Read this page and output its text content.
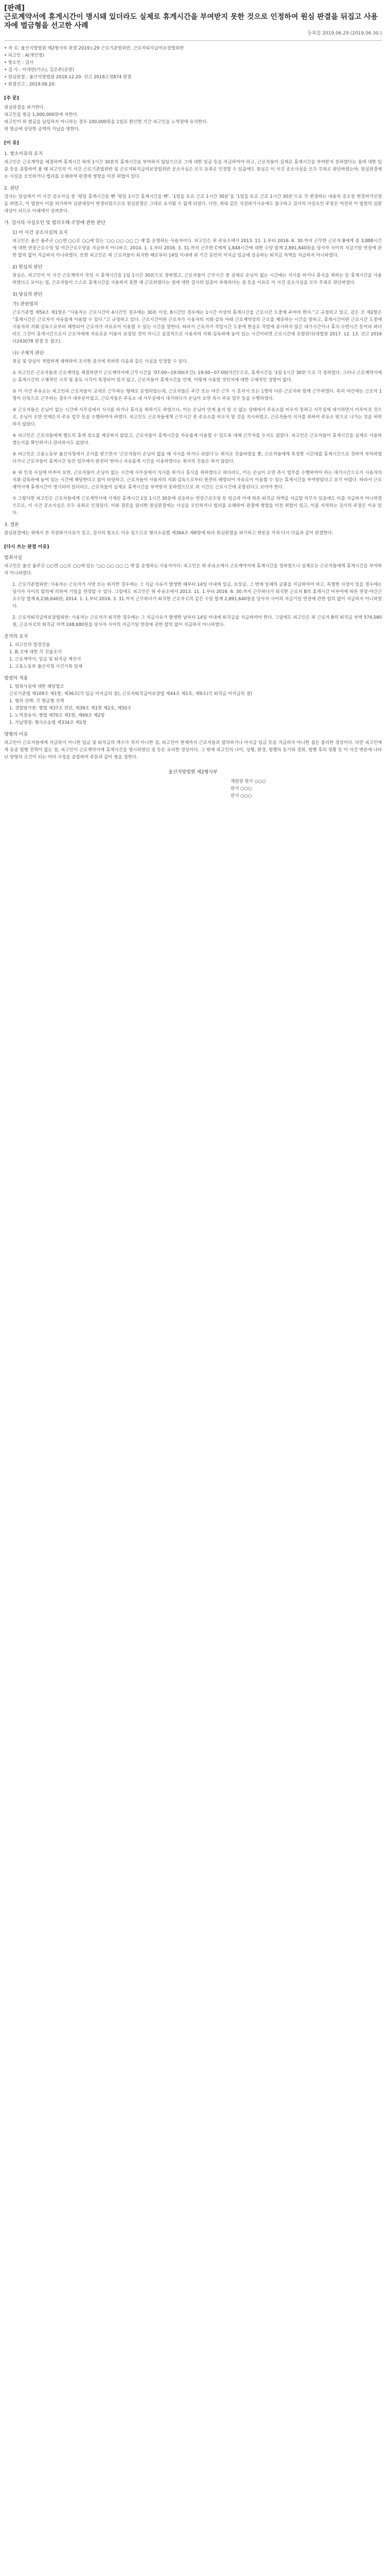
[판례]
근로계약서에 휴게시간이 명시돼 있더라도 실제로 휴게시간을 부여받지 못한 것으로 인정하여 원심 판결을 뒤집고 사용자에 벌금형을 선고한 사례
등록일 2019.06.29 (2019.06.30.)
• 자 료: 울산지방법원 제2형사부 판결 2019노29 근로기준법위반, 근로자퇴직급여보장법위반
• 피고인 : A(개인명)
• 항소인 : 검사
• 검 사 : 이대연(기소), 김은주(공판)
• 원심판결 : 울산지방법원 2018.12.20. 선고 2018고정874 판결
• 판결선고 : 2019.06.20.
[주 문]
원심판결을 파기한다.
피고인을 벌금 1,000,000원에 처한다.
피고인이 위 벌금을 납입하지 아니하는 경우 100,000원을 1일로 환산한 기간 피고인을 노역장에 유치한다.
위 벌금에 상당한 금액의 가납을 명한다.
[이 유]
1. 항소이유의 요지

피고인은 근로계약을 체결하며 휴게시간 외에 1시간 30분의 휴게시간을 부여하지 않았으므로 그에 대한 임금 등을 지급하여야 하고, 근로자들이 실제로 휴게시간을 부여받지 못하였다는 점에 대한 입증 등을 종합하여 볼 때 피고인의 이 사건 근로기준법위반 및 근로자퇴직급여보장법위반 공소사실은 모두 유죄로 인정할 수 있음에도 원심은 이 사건 공소사실을 모두 무죄로 판단하였는바, 원심판결에는 사실을 오인하거나 법리를 오해하여 판결에 영향을 미친 위법이 있다.

2. 판단

검사는 당심에서 이 사건 공소사실 중 ‘평일 휴게시간을 뺀 ‘평일 1시간 휴게시간을 뺀’, ‘1일을 토요 근로 1시간 30분’을 ‘1일을 토요 근로 1시간 30분’으로 각 변경하는 내용의 공소장 변경허가신청을 하였고, 이 법원이 이를 허가하여 심판대상이 변경되었으므로 원심판결은 그대로 유지될 수 없게 되었다. 다만, 위와 같은 직권파기사유에도 불구하고 검사의 사실오인 주장은 여전히 이 법원의 심판대상이 되므로 아래에서 살펴본다.

가. 검사의 사실오인 및 법리오해 주장에 관한 판단
1) 이 사건 공소사실의 요지

피고인은 울산 울주군 ○○면 ○○로 ○○에 있는 ‘○○ ○○ ○○ □ 재’를 운영하는 사용자이다. 피고인은 위 주유소에서 2013. 11. 1.부터 2016. 6. 30.까지 근무한 근로자 B에게 총 3,888시간에 대한 연장근로수당 및 야간근로수당을 지급하지 아니하고, 2014. 1. 1.부터 2016. 3. 31.까지 근무한 C에게 1,848시간에 대한 수당 합계 2,891,640원을 당사자 사이의 지급기일 연장에 관한 합의 없이 지급하지 아니하였다. 또한 피고인은 위 근로자들이 퇴직한 때로부터 14일 이내에 위 기간 동안의 미지급 임금에 상응하는 퇴직금 차액을 지급하지 아니하였다.

2) 원심의 판단

원심은, 피고인이 이 사건 근로계약서 작성 시 휴게시간을 1일 1시간 30분으로 정하였고, 근로자들이 근무시간 중 실제로 손님이 없는 시간에는 식사를 하거나 휴식을 취하는 등 휴게시간을 사용하였다고 보이는 점, 근로자들이 스스로 휴게시간을 사용하지 못한 채 근로하였다는 점에 대한 검사의 입증이 부족하다는 점 등을 이유로 이 사건 공소사실을 모두 무죄로 판단하였다.

3) 당심의 판단
가) 관련법리

근로기준법 제54조 제1항은 “사용자는 근로시간이 4시간인 경우에는 30분 이상, 8시간인 경우에는 1시간 이상의 휴게시간을 근로시간 도중에 주어야 한다.”고 규정하고 있고, 같은 조 제2항은 “휴게시간은 근로자가 자유롭게 이용할 수 있다.”고 규정하고 있다. 근로시간이란 근로자가 사용자의 지휘·감독 아래 근로계약상의 근로를 제공하는 시간을 말하고, 휴게시간이란 근로시간 도중에 사용자의 지휘·감독으로부터 해방되어 근로자가 자유로이 이용할 수 있는 시간을 말한다. 따라서 근로자가 작업시간 도중에 현실로 작업에 종사하지 않은 대기시간이나 휴식·수면시간 등이라 하더라도 그것이 휴게시간으로서 근로자에게 자유로운 이용이 보장된 것이 아니고 실질적으로 사용자의 지휘·감독하에 놓여 있는 시간이라면 근로시간에 포함된다(대법원 2017. 12. 13. 선고 2016다243078 판결 등 참조).

나) 구체적 판단

원심 및 당심이 적법하게 채택하여 조사한 증거에 의하면 다음과 같은 사실을 인정할 수 있다.

① 피고인은 근로자들과 근로계약을 체결하면서 근로계약서에 근무시간을 ‘07:00~19:00(주간), 19:00~07:00(야간)’으로, 휴게시간을 ‘1일 1시간 30분’으로 각 정하였다. 그러나 근로계약서에는 휴게시간의 구체적인 시작 및 종료 시각이 특정되어 있지 않고, 근로자들이 휴게시간을 언제, 어떻게 사용할 것인지에 대한 구체적인 정함이 없다.

② 이 사건 주유소는 피고인과 근로자들이 교대로 근무하는 형태로 운영되었는데, 근로자들은 주간 또는 야간 근무 시 혼자서 또는 1명의 다른 근로자와 함께 근무하였다. 특히 야간에는 근로자 1명이 단독으로 근무하는 경우가 대부분이었고, 근로자들은 주유소 내 사무실에서 대기하다가 손님이 오면 즉시 주유 업무 등을 수행하였다.

③ 근로자들은 손님이 없는 시간에 사무실에서 식사를 하거나 휴식을 취하기도 하였으나, 이는 손님이 언제 올지 알 수 없는 상태에서 주유소를 비우지 못하고 사무실에 대기하면서 이루어진 것으로, 손님이 오면 언제든지 주유 업무 등을 수행하여야 하였다. 피고인도 근로자들에게 근무시간 중 주유소를 비우지 말 것을 지시하였고, 근로자들이 식사를 위하여 주유소 밖으로 나가는 것을 허락하지 않았다.

④ 피고인은 근로자들에게 별도의 휴게 장소를 제공하지 않았고, 근로자들이 휴게시간을 자유롭게 이용할 수 있도록 대체 근무자를 두지도 않았다. 피고인은 근로자들이 휴게시간을 실제로 사용하였는지를 확인하거나 관리하지도 않았다.

⑤ 피고인은 고용노동부 울산지청에서 조사를 받으면서 ‘근로자들이 손님이 없을 때 식사를 하거나 쉬었다’는 취지로 진술하였을 뿐, 근로자들에게 특정한 시간대를 휴게시간으로 정하여 부여하였다거나 근로자들이 휴게시간 동안 업무에서 완전히 벗어나 자유롭게 시간을 이용하였다는 취지의 진술은 하지 않았다.

⑥ 위 인정 사실에 비추어 보면, 근로자들이 손님이 없는 시간에 사무실에서 식사를 하거나 휴식을 취하였다고 하더라도, 이는 손님이 오면 즉시 업무를 수행하여야 하는 대기시간으로서 사용자의 지휘·감독하에 놓여 있는 시간에 해당한다고 봄이 타당하고, 근로자들이 사용자의 지휘·감독으로부터 완전히 해방되어 자유로이 이용할 수 있는 휴게시간을 부여받았다고 보기 어렵다. 따라서 근로계약서에 휴게시간이 명시되어 있더라도, 근로자들이 실제로 휴게시간을 부여받지 못하였으므로 위 시간은 근로시간에 포함된다고 보아야 한다.

⑦ 그렇다면 피고인은 근로자들에게 근로계약서에 기재된 휴게시간 1일 1시간 30분에 상응하는 연장근로수당 등 임금과 이에 따른 퇴직금 차액을 지급할 의무가 있음에도 이를 지급하지 아니하였으므로, 이 사건 공소사실은 모두 유죄로 인정된다. 이와 결론을 달리한 원심판결에는 사실을 오인하거나 법리를 오해하여 판결에 영향을 미친 위법이 있고, 이를 지적하는 검사의 주장은 이유 있다.

3. 결론

원심판결에는 위에서 본 직권파기사유가 있고, 검사의 항소도 이유 있으므로 형사소송법 제364조 제6항에 따라 원심판결을 파기하고 변론을 거쳐 다시 다음과 같이 판결한다.

[다시 쓰는 판결 이유]
범죄사실

피고인은 울산 울주군 ○○면 ○○로 ○○에 있는 ‘○○ ○○ ○○ □ 재’를 운영하는 사용자이다. 피고인은 위 주유소에서 근로계약서에 휴게시간을 정하였으나 실제로는 근로자들에게 휴게시간을 부여하지 아니하였다.

1. 근로기준법위반: 사용자는 근로자가 사망 또는 퇴직한 경우에는 그 지급 사유가 발생한 때부터 14일 이내에 임금, 보상금, 그 밖에 일체의 금품을 지급하여야 하고, 특별한 사정이 있을 경우에는 당사자 사이의 합의에 의하여 기일을 연장할 수 있다. 그럼에도 피고인은 위 주유소에서 2013. 11. 1.부터 2016. 6. 30.까지 근무하다가 퇴직한 근로자 B의 휴게시간 미부여에 따른 연장·야간근로수당 합계 6,236,640원, 2014. 1. 1.부터 2016. 3. 31.까지 근무하다가 퇴직한 근로자 C의 같은 수당 합계 2,891,640원을 당사자 사이의 지급기일 연장에 관한 합의 없이 지급하지 아니하였다.

2. 근로자퇴직급여보장법위반: 사용자는 근로자가 퇴직한 경우에는 그 지급사유가 발생한 날부터 14일 이내에 퇴직금을 지급하여야 한다. 그럼에도 피고인은 위 근로자 B의 퇴직금 차액 574,080원, 근로자 C의 퇴직금 차액 248,680원을 당사자 사이의 지급기일 연장에 관한 합의 없이 지급하지 아니하였다.

증거의 요지
1. 피고인의 법정진술
1. B, C에 대한 각 진술조서
1. 근로계약서, 임금 및 퇴직금 계산서
1. 고용노동부 울산지청 사건기록 일체
법령의 적용
1. 범죄사실에 대한 해당법조
근로기준법 제109조 제1항, 제36조(각 임금 미지급의 점), 근로자퇴직급여보장법 제44조 제1호, 제9조(각 퇴직금 미지급의 점)
1. 형의 선택: 각 벌금형 선택
1. 경합범가중: 형법 제37조 전단, 제38조 제1항 제2호, 제50조
1. 노역장유치: 형법 제70조 제1항, 제69조 제2항
1. 가납명령: 형사소송법 제334조 제1항
양형의 이유

피고인이 근로자들에게 지급하지 아니한 임금 및 퇴직금의 액수가 적지 아니한 점, 피고인이 현재까지 근로자들과 합의하거나 미지급 임금 등을 지급하지 아니한 점은 불리한 정상이다. 다만 피고인에게 동종 범행 전력이 없는 점, 피고인이 근로계약서에 휴게시간을 명시하였던 점 등은 유리한 정상이다. 그 밖에 피고인의 나이, 성행, 환경, 범행의 동기와 경위, 범행 후의 정황 등 이 사건 변론에 나타난 양형의 조건이 되는 여러 사정을 종합하여 주문과 같이 형을 정한다.

울산지방법원 제2형사부
재판장 판사 ○○○
판사 ○○○
판사 ○○○
